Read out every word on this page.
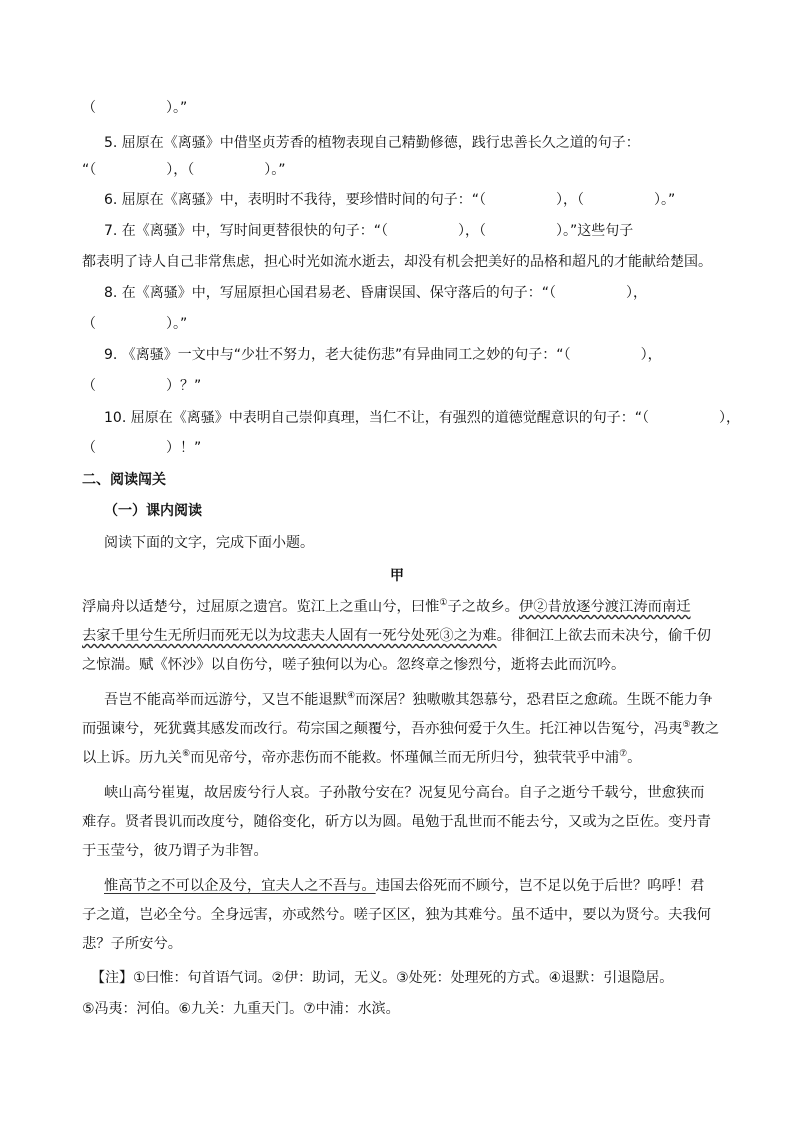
（　　　　　）。”
5. 屈原在《离骚》中借坚贞芳香的植物表现自己精勤修德，践行忠善长久之道的句子：
“（　　　　　），（　　　　　）。”
6. 屈原在《离骚》中，表明时不我待，要珍惜时间的句子：“（　　　　　），（　　　　　）。”
7. 在《离骚》中，写时间更替很快的句子：“（　　　　　），（　　　　　）。”这些句子
都表明了诗人自己非常焦虑，担心时光如流水逝去，却没有机会把美好的品格和超凡的才能献给楚国。
8. 在《离骚》中，写屈原担心国君易老、昏庸误国、保守落后的句子：“（　　　　　），
（　　　　　）。”
9. 《离骚》一文中与“少壮不努力，老大徒伤悲”有异曲同工之妙的句子：“（　　　　　），
（　　　　　）？”
10. 屈原在《离骚》中表明自己崇仰真理，当仁不让，有强烈的道德觉醒意识的句子：“（　　　　　），
（　　　　　）！”
二、阅读闯关
（一）课内阅读
阅读下面的文字，完成下面小题。
甲
浮扁舟以适楚兮，过屈原之遗宫。览江上之重山兮，曰惟①子之故乡。伊②昔放逐兮渡江涛而南迁
去家千里兮生无所归而死无以为坟悲夫人固有一死兮处死③之为难。徘徊江上欲去而未决兮，偷千仞
之惊湍。赋《怀沙》以自伤兮，嗟子独何以为心。忽终章之惨烈兮，逝将去此而沉吟。
吾岂不能高举而远游兮，又岂不能退默④而深居？独嗷嗷其怨慕兮，恐君臣之愈疏。生既不能力争
而强谏兮，死犹冀其感发而改行。苟宗国之颠覆兮，吾亦独何爱于久生。托江神以告冤兮，冯夷⑤教之
以上诉。历九关⑥而见帝兮，帝亦悲伤而不能救。怀瑾佩兰而无所归兮，独茕茕乎中浦⑦。
峡山高兮崔嵬，故居废兮行人哀。子孙散兮安在？况复见兮高台。自子之逝兮千载兮，世愈狭而
难存。贤者畏讥而改度兮，随俗变化，斫方以为圆。黾勉于乱世而不能去兮，又或为之臣佐。变丹青
于玉莹兮，彼乃谓子为非智。
惟高节之不可以企及兮，宜夫人之不吾与。违国去俗死而不顾兮，岂不足以免于后世？呜呼！君
子之道，岂必全兮。全身远害，亦或然兮。嗟子区区，独为其难兮。虽不适中，要以为贤兮。夫我何
悲？子所安兮。
【注】①曰惟：句首语气词。②伊：助词，无义。③处死：处理死的方式。④退默：引退隐居。
⑤冯夷：河伯。⑥九关：九重天门。⑦中浦：水滨。
